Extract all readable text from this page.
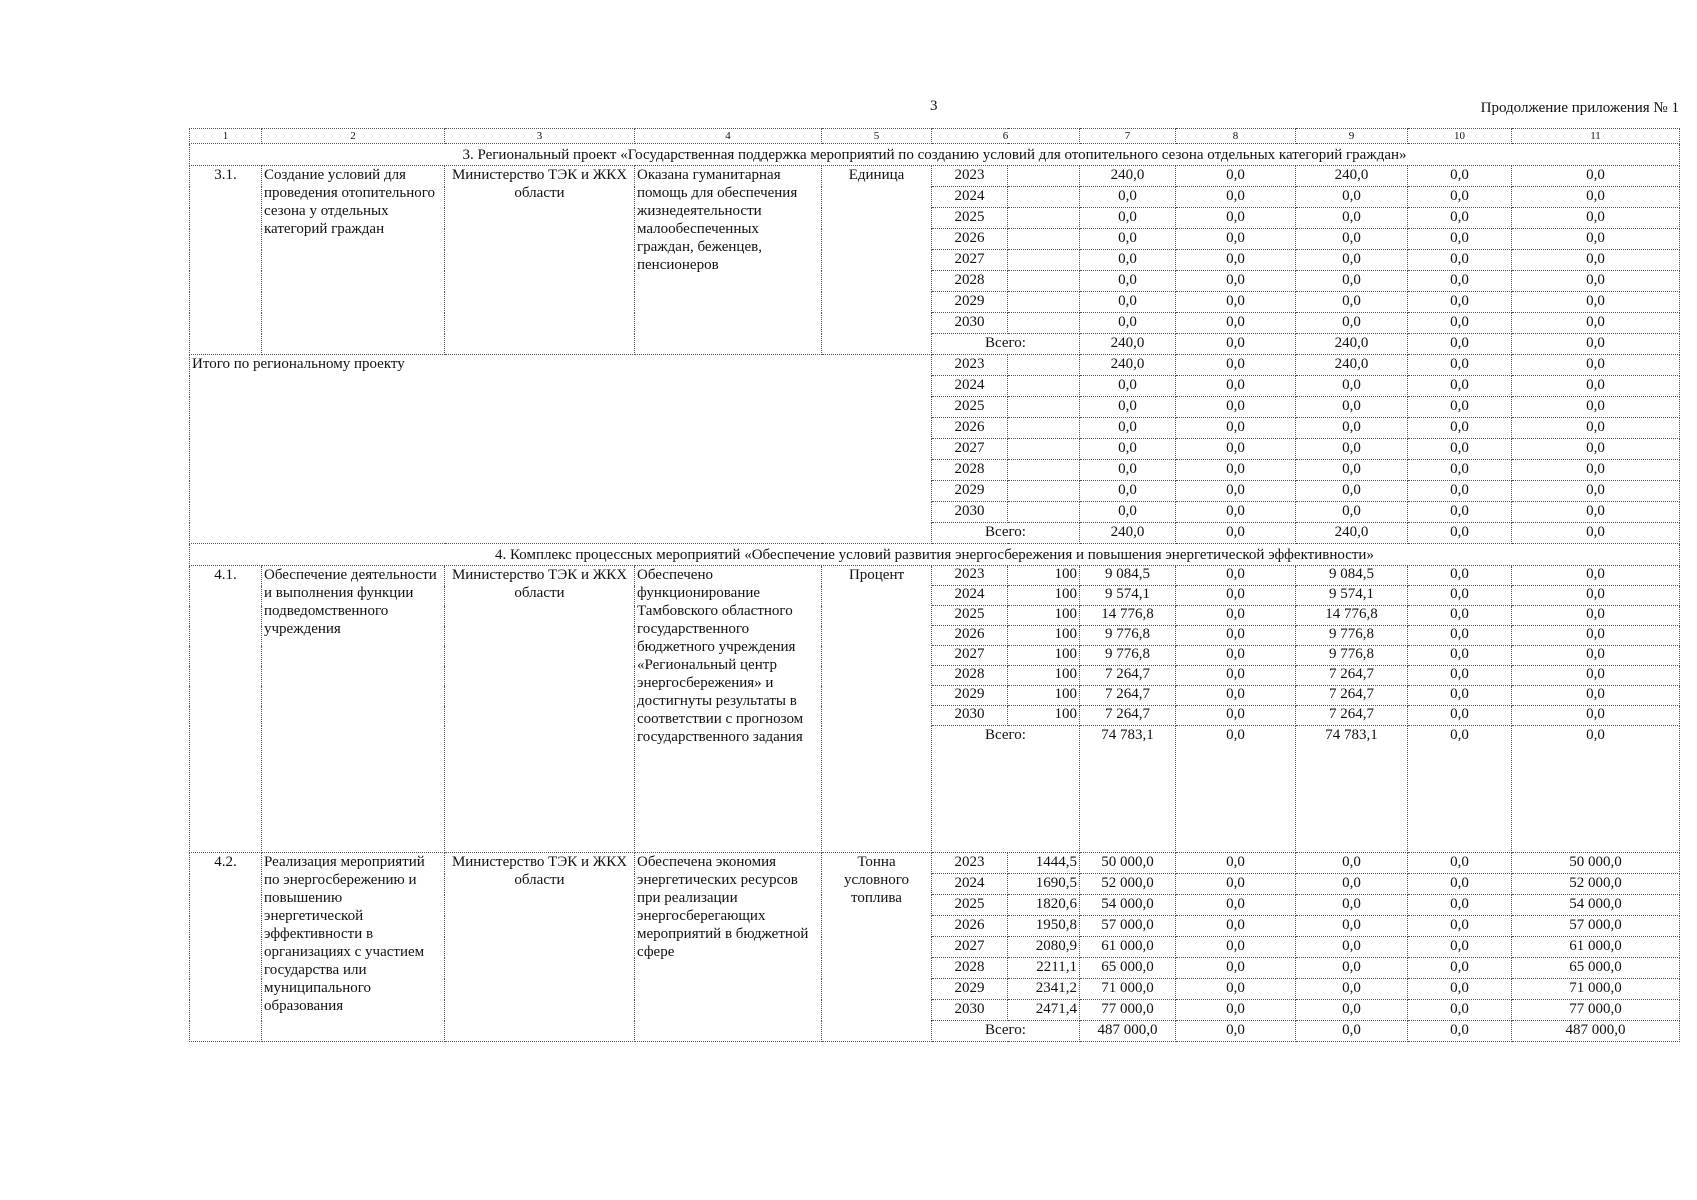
3	Продолжение приложения № 1
1	2	3	4	5	6		7	8	9	10	11
3. Региональный проект «Государственная поддержка мероприятий по созданию условий для отопительного сезона отдельных категорий граждан»											
3.1.	Создание условий для проведения отопительного сезона у отдельных категорий граждан	Министерство ТЭК и ЖКХ области	Оказана гуманитарная помощь для обеспечения жизнедеятельности малообеспеченных граждан, беженцев, пенсионеров	Единица	2023		240,0	0,0	240,0	0,0	0,0
					2024		0,0	0,0	0,0	0,0	0,0
					2025		0,0	0,0	0,0	0,0	0,0
					2026		0,0	0,0	0,0	0,0	0,0
					2027		0,0	0,0	0,0	0,0	0,0
					2028		0,0	0,0	0,0	0,0	0,0
					2029		0,0	0,0	0,0	0,0	0,0
					2030		0,0	0,0	0,0	0,0	0,0
					Всего:		240,0	0,0	240,0	0,0	0,0
Итого по региональному проекту					2023		240,0	0,0	240,0	0,0	0,0
					2024		0,0	0,0	0,0	0,0	0,0
					2025		0,0	0,0	0,0	0,0	0,0
					2026		0,0	0,0	0,0	0,0	0,0
					2027		0,0	0,0	0,0	0,0	0,0
					2028		0,0	0,0	0,0	0,0	0,0
					2029		0,0	0,0	0,0	0,0	0,0
					2030		0,0	0,0	0,0	0,0	0,0
					Всего:		240,0	0,0	240,0	0,0	0,0
4. Комплекс процессных мероприятий «Обеспечение условий развития энергосбережения и повышения энергетической эффективности»											
4.1.	Обеспечение деятельности и выполнения функции подведомственного учреждения	Министерство ТЭК и ЖКХ области	Обеспечено функционирование Тамбовского областного государственного бюджетного учреждения «Региональный центр энергосбережения» и достигнуты результаты в соответствии с прогнозом государственного задания	Процент	2023	100	9 084,5	0,0	9 084,5	0,0	0,0
					2024	100	9 574,1	0,0	9 574,1	0,0	0,0
					2025	100	14 776,8	0,0	14 776,8	0,0	0,0
					2026	100	9 776,8	0,0	9 776,8	0,0	0,0
					2027	100	9 776,8	0,0	9 776,8	0,0	0,0
					2028	100	7 264,7	0,0	7 264,7	0,0	0,0
					2029	100	7 264,7	0,0	7 264,7	0,0	0,0
					2030	100	7 264,7	0,0	7 264,7	0,0	0,0
					Всего:		74 783,1	0,0	74 783,1	0,0	0,0
4.2.	Реализация мероприятий по энергосбережению и повышению энергетической эффективности в организациях с участием государства или муниципального образования	Министерство ТЭК и ЖКХ области	Обеспечена экономия энергетических ресурсов при реализации энергосберегающих мероприятий в бюджетной сфере	Тонна условного топлива	2023	1444,5	50 000,0	0,0	0,0	0,0	50 000,0
					2024	1690,5	52 000,0	0,0	0,0	0,0	52 000,0
					2025	1820,6	54 000,0	0,0	0,0	0,0	54 000,0
					2026	1950,8	57 000,0	0,0	0,0	0,0	57 000,0
					2027	2080,9	61 000,0	0,0	0,0	0,0	61 000,0
					2028	2211,1	65 000,0	0,0	0,0	0,0	65 000,0
					2029	2341,2	71 000,0	0,0	0,0	0,0	71 000,0
					2030	2471,4	77 000,0	0,0	0,0	0,0	77 000,0
					Всего:		487 000,0	0,0	0,0	0,0	487 000,0
